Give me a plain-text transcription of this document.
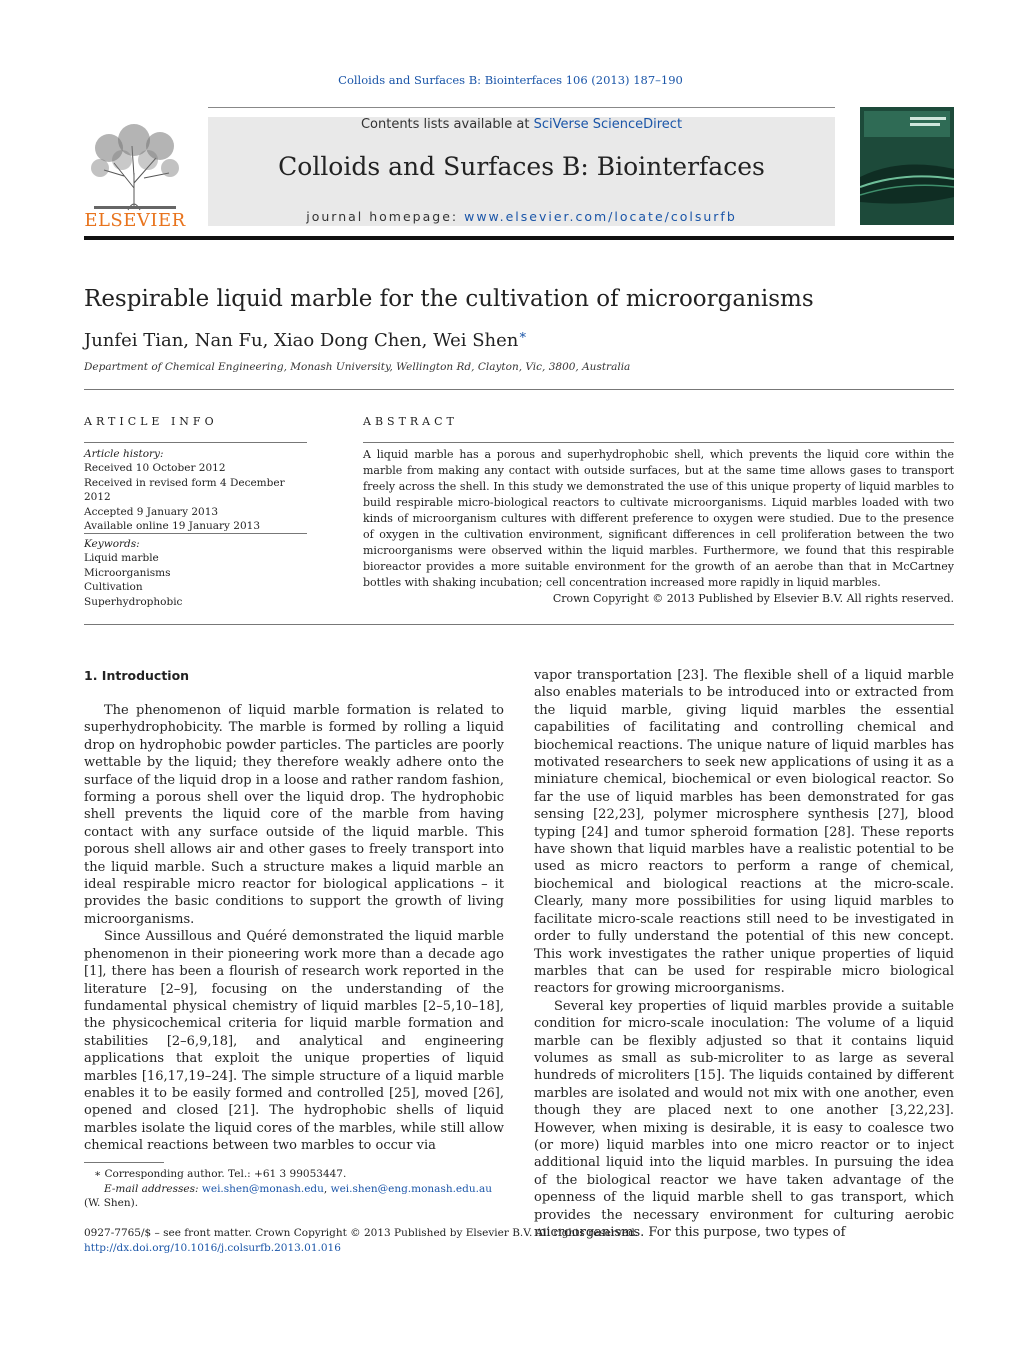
Colloids and Surfaces B: Biointerfaces 106 (2013) 187–190
ELSEVIER
Contents lists available at SciVerse ScienceDirect
Colloids and Surfaces B: Biointerfaces
journal homepage: www.elsevier.com/locate/colsurfb
Respirable liquid marble for the cultivation of microorganisms
Junfei Tian, Nan Fu, Xiao Dong Chen, Wei Shen∗
Department of Chemical Engineering, Monash University, Wellington Rd, Clayton, Vic, 3800, Australia
ARTICLE INFO
Article history:
Received 10 October 2012
Received in revised form 4 December 2012
Accepted 9 January 2013
Available online 19 January 2013
Keywords:
Liquid marble
Microorganisms
Cultivation
Superhydrophobic
ABSTRACT
A liquid marble has a porous and superhydrophobic shell, which prevents the liquid core within the marble from making any contact with outside surfaces, but at the same time allows gases to transport freely across the shell. In this study we demonstrated the use of this unique property of liquid marbles to build respirable micro-biological reactors to cultivate microorganisms. Liquid marbles loaded with two kinds of microorganism cultures with different preference to oxygen were studied. Due to the presence of oxygen in the cultivation environment, significant differences in cell proliferation between the two microorganisms were observed within the liquid marbles. Furthermore, we found that this respirable bioreactor provides a more suitable environment for the growth of an aerobe than that in McCartney bottles with shaking incubation; cell concentration increased more rapidly in liquid marbles.
Crown Copyright © 2013 Published by Elsevier B.V. All rights reserved.
1. Introduction

The phenomenon of liquid marble formation is related to superhydrophobicity. The marble is formed by rolling a liquid drop on hydrophobic powder particles. The particles are poorly wettable by the liquid; they therefore weakly adhere onto the surface of the liquid drop in a loose and rather random fashion, forming a porous shell over the liquid drop. The hydrophobic shell prevents the liquid core of the marble from having contact with any surface outside of the liquid marble. This porous shell allows air and other gases to freely transport into the liquid marble. Such a structure makes a liquid marble an ideal respirable micro reactor for biological applications – it provides the basic conditions to support the growth of living microorganisms.

Since Aussillous and Quéré demonstrated the liquid marble phenomenon in their pioneering work more than a decade ago [1], there has been a flourish of research work reported in the literature [2–9], focusing on the understanding of the fundamental physical chemistry of liquid marbles [2–5,10–18], the physicochemical criteria for liquid marble formation and stabilities [2–6,9,18], and analytical and engineering applications that exploit the unique properties of liquid marbles [16,17,19–24]. The simple structure of a liquid marble enables it to be easily formed and controlled [25], moved [26], opened and closed [21]. The hydrophobic shells of liquid marbles isolate the liquid cores of the marbles, while still allow chemical reactions between two marbles to occur via

vapor transportation [23]. The flexible shell of a liquid marble also enables materials to be introduced into or extracted from the liquid marble, giving liquid marbles the essential capabilities of facilitating and controlling chemical and biochemical reactions. The unique nature of liquid marbles has motivated researchers to seek new applications of using it as a miniature chemical, biochemical or even biological reactor. So far the use of liquid marbles has been demonstrated for gas sensing [22,23], polymer microsphere synthesis [27], blood typing [24] and tumor spheroid formation [28]. These reports have shown that liquid marbles have a realistic potential to be used as micro reactors to perform a range of chemical, biochemical and biological reactions at the micro-scale. Clearly, many more possibilities for using liquid marbles to facilitate micro-scale reactions still need to be investigated in order to fully understand the potential of this new concept. This work investigates the rather unique properties of liquid marbles that can be used for respirable micro biological reactors for growing microorganisms.

Several key properties of liquid marbles provide a suitable condition for micro-scale inoculation: The volume of a liquid marble can be flexibly adjusted so that it contains liquid volumes as small as sub-microliter to as large as several hundreds of microliters [15]. The liquids contained by different marbles are isolated and would not mix with one another, even though they are placed next to one another [3,22,23]. However, when mixing is desirable, it is easy to coalesce two (or more) liquid marbles into one micro reactor or to inject additional liquid into the liquid marbles. In pursuing the idea of the biological reactor we have taken advantage of the openness of the liquid marble shell to gas transport, which provides the necessary environment for culturing aerobic microorganisms. For this purpose, two types of

∗ Corresponding author. Tel.: +61 3 99053447.
E-mail addresses: wei.shen@monash.edu, wei.shen@eng.monash.edu.au
(W. Shen).
0927-7765/$ – see front matter. Crown Copyright © 2013 Published by Elsevier B.V. All rights reserved.
http://dx.doi.org/10.1016/j.colsurfb.2013.01.016
